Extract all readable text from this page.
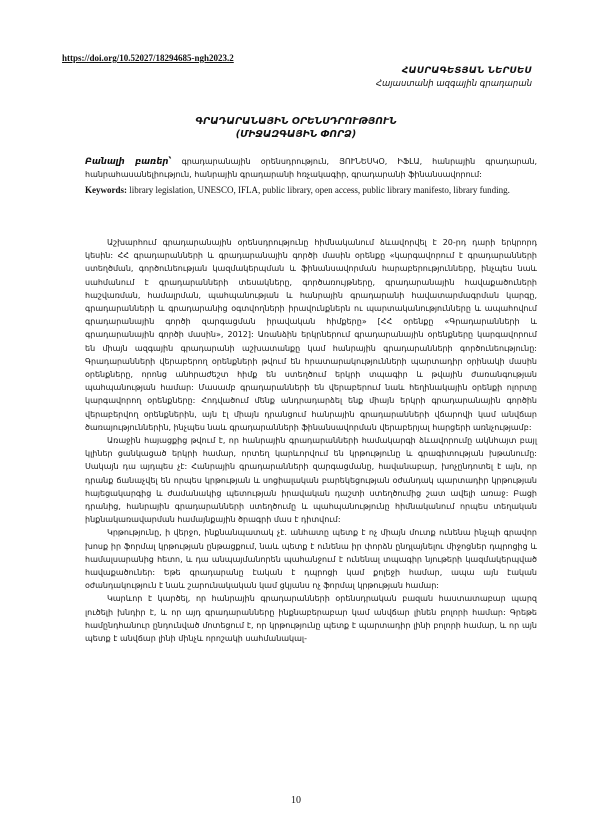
https://doi.org/10.52027/18294685-ngh2023.2
ՀԱՍՐԱԳԵՏՅԱՆ ՆԵՐՍԵՍ
Հայաստանի ազգային գրադարան
ԳՐԱԴԱՐԱՆԱՅԻՆ ՕՐԵՆՍԴՐՈՒԹՅՈՒՆ
(ՄԻՋԱԶԳԱՅԻՆ ՓՈՐՁ)
Բանալի բառեր՝ գրադարանային օրենսդրություն, ՅՈՒՆԵՍԿՕ, ԻՖԼԱ, հանրային գրադարան, հանրահասանելիություն, հանրային գրադարանի հռչակագիր, գրադարանի ֆինանսավորում:
Keywords: library legislation, UNESCO, IFLA, public library, open access, public library manifesto, library funding.

Աշխարհում գրադարանային օրենսդրությունը հիմնականում ձևավորվել է 20-րդ դարի երկրորդ կեսին: ՀՀ գրադարանների և գրադարանային գործի մասին օրենքը «կարգավորում է գրադարանների ստեղծման, գործունեության կազմակերպման և ֆինանսավորման հարաբերությունները, ինչպես նաև սահմանում է գրադարանների տեսակները, գործառույթները, գրադարանային հավաքածուների հաշվառման, համալրման, պահպանության և հանրային գրադարանի հավատարմագրման կարգը, գրադարանների և գրադարանից օգտվողների իրավունքներն ու պարտականությունները և ապահովում գրադարանային գործի զարգացման իրավական հիմքերը» [ՀՀ օրենքը «Գրադարանների և գրադարանային գործի մասին», 2012]: Առանձին երկրներում գրադարանային օրենքները կարգավորում են միայն ազգային գրադարանի աշխատանքը կամ հանրային գրադարանների գործունեությունը: Գրադարանների վերաբերող օրենքների թվում են հրատարակությունների պարտադիր օրինակի մասին օրենքները, որոնց անհրաժեշտ հիմք են ստեղծում երկրի տպագիր և թվային ժառանգության պահպանության համար: Մասամբ գրադարանների են վերաբերում նաև հեղինակային օրենքի ոլորտը կարգավորող օրենքները: Հոդվածում մենք անդրադարձել ենք միայն երկրի գրադարանային գործին վերաբերվող օրենքներին, այն էլ միայն դրանցում հանրային գրադարանների վճարովի կամ անվճար ծառայություններին, ինչպես նաև գրադարանների ֆինանսավորման վերաբերյալ հարցերի առնչությամբ:

Առաջին հայացքից թվում է, որ հանրային գրադարանների համակարգի ձևավորումը ակնհայտ բայլ կլիներ ցանկացած երկրի համար, որտեղ կարևորվում են կրթությունը և գրագիտության խթանումը: Սակայն դա այդպես չէ: Հանրային գրադարանների զարգացմանը, հավանաբար, խոչընդոտել է այն, որ դրանք ճանաչվել են որպես կրթության և սոցիալական բարեկեցության օժանդակ պարտադիր կրթության հայեցակարգից և ժամանակից պետության իրավական դաշտի ստեղծումից շատ ավելի առաջ: Բացի դրանից, հանրային գրադարանների ստեղծումը և պահպանությունը հիմնականում որպես տեղական ինքնակառավարման համայնքային ծրագրի մաս է դիտվում:

Կրթությունը, ի վերջո, ինքնանպատակ չէ. անհատը պետք է ոչ միայն մուտք ունենա ինչպի գրավոր խոսք իր ֆորմալ կրթության ընթացքում, նաև պետք է ունենա իր փորձն ընդլայնելու միջոցներ դպրոցից և համալսարանից հետո, և դա անպայմանորեն պահանջում է ունենալ տպագիր նյութերի կազմակերպված հավաքածուներ: Եթե գրադարանը էական է դպրոցի կամ քոլեջի համար, ապա այն էական օժանդակություն է նաև շարունակական կամ ցկյանս ոչ ֆորմալ կրթության համար:

Կարևոր է կարծել, որ հանրային գրադարանների օրենսդրական բազան հաստատաբար պարզ լուծելի խնդիր է, և որ այդ գրադարանները ինքնաբերաբար կամ անվճար լինեն բոլորի համար: Գրեթե համընդհանուր ընդունված մոտեցում է, որ կրթությունը պետք է պարտադիր լինի բոլորի համար, և որ այն պետք է անվճար լինի մինչև որոշակի սահմանակալ-

10
